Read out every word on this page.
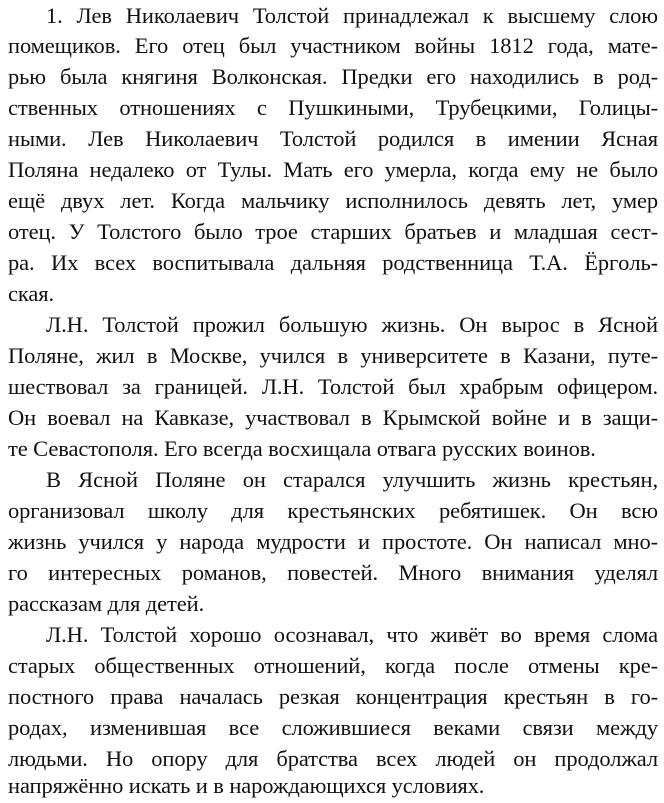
1. Лев Николаевич Толстой принадлежал к высшему слою
помещиков. Его отец был участником войны 1812 года, мате-
рью была княгиня Волконская. Предки его находились в род-
ственных отношениях с Пушкиными, Трубецкими, Голицы-
ными. Лев Николаевич Толстой родился в имении Ясная
Поляна недалеко от Тулы. Мать его умерла, когда ему не было
ещё двух лет. Когда мальчику исполнилось девять лет, умер
отец. У Толстого было трое старших братьев и младшая сест-
ра. Их всех воспитывала дальняя родственница Т.А. Ёргoль-
ская.
Л.Н. Толстой прожил большую жизнь. Он вырос в Ясной
Поляне, жил в Москве, учился в университете в Казани, путе-
шествовал за границей. Л.Н. Толстой был храбрым офицером.
Он воевал на Кавказе, участвовал в Крымской войне и в защи-
те Севастополя. Его всегда восхищала отвага русских воинов.
В Ясной Поляне он старался улучшить жизнь крестьян,
организовал школу для крестьянских ребятишек. Он всю
жизнь учился у народа мудрости и простоте. Он написал мно-
го интересных романов, повестей. Много внимания уделял
рассказам для детей.
Л.Н. Толстой хорошо осознавал, что живёт во время слома
старых общественных отношений, когда после отмены кре-
постного права началась резкая концентрация крестьян в го-
родах, изменившая все сложившиеся веками связи между
людьми. Но опору для братства всех людей он продолжал
напряжённо искать и в нарождающихся условиях.
